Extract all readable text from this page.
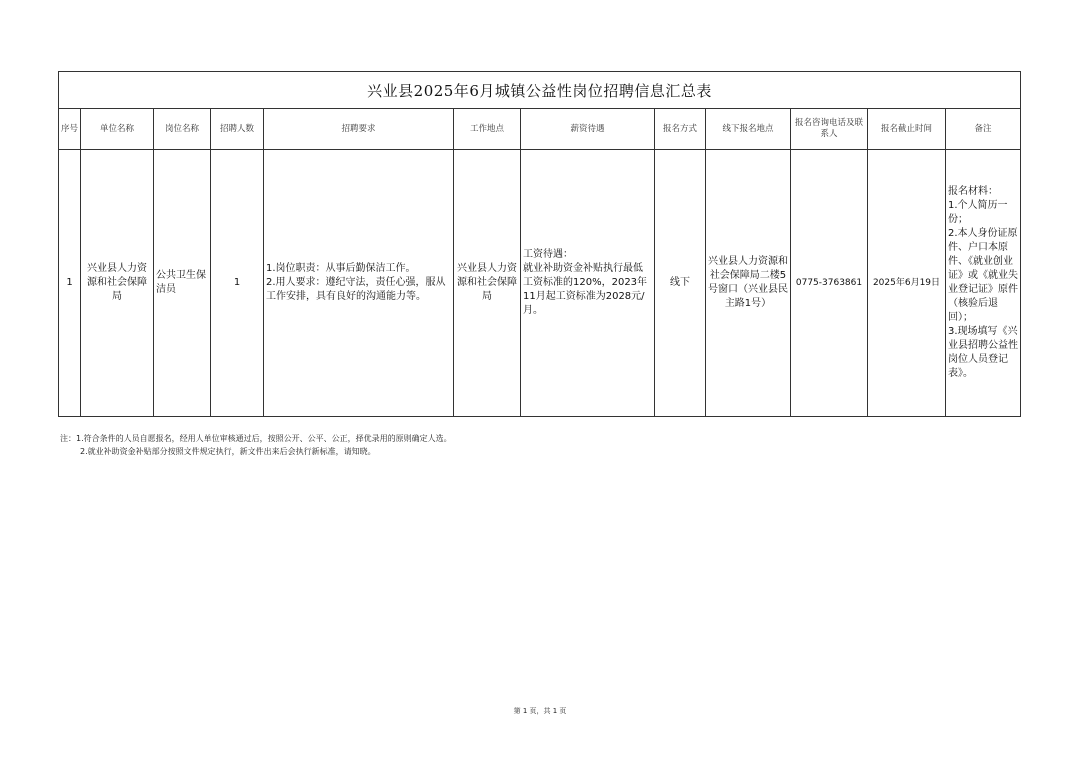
兴业县2025年6月城镇公益性岗位招聘信息汇总表											
序号	单位名称	岗位名称	招聘人数	招聘要求	工作地点	薪资待遇	报名方式	线下报名地点	报名咨询电话及联系人	报名截止时间	备注
1	兴业县人力资源和社会保障局	公共卫生保洁员	1	1.岗位职责：从事后勤保洁工作。
2.用人要求：遵纪守法，责任心强，服从工作安排，具有良好的沟通能力等。	兴业县人力资源和社会保障局	工资待遇：
就业补助资金补贴执行最低工资标准的120%，2023年11月起工资标准为2028元/月。	线下	兴业县人力资源和社会保障局二楼5号窗口（兴业县民主路1号）	0775-3763861	2025年6月19日	报名材料：
1.个人简历一份；
2.本人身份证原件、户口本原件、《就业创业证》或《就业失业登记证》原件（核验后退回）；
3.现场填写《兴业县招聘公益性岗位人员登记表》。
注：1.符合条件的人员自愿报名，经用人单位审核通过后，按照公开、公平、公正，择优录用的原则确定人选。
2.就业补助资金补贴部分按照文件规定执行，新文件出来后会执行新标准，请知晓。
第 1 页，共 1 页
